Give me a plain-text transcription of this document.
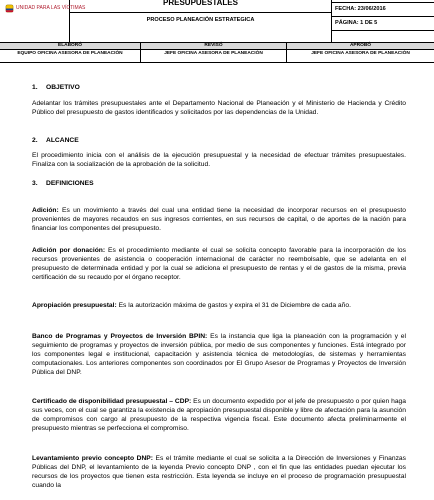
UNIDAD PARA LAS VÍCTIMAS
PRESUPUESTALES
PROCESO PLANEACIÓN ESTRATEGICA
FECHA: 23/06/2016
PÁGINA: 1 DE 5
ELABORÓ
EQUIPO OFICINA ASESORA DE PLANEACIÓN
REVISÓ
JEFE OFICINA ASESORA DE PLANEACIÓN
APROBÓ
JEFE OFICINA ASESORA DE PLANEACIÓN
1. OBJETIVO
Adelantar los trámites presupuestales ante el Departamento Nacional de Planeación y el Ministerio de Hacienda y Crédito Público del presupuesto de gastos identificados y solicitados por las dependencias de la Unidad.
2. ALCANCE
El procedimiento inicia con el análisis de la ejecución presupuestal y la necesidad de efectuar trámites presupuestales. Finaliza con la socialización de la aprobación de la solicitud.
3. DEFINICIONES
Adición: Es un movimiento a través del cual una entidad tiene la necesidad de incorporar recursos en el presupuesto provenientes de mayores recaudos en sus ingresos corrientes, en sus recursos de capital, o de aportes de la nación para financiar los componentes del presupuesto.
Adición por donación: Es el procedimiento mediante el cual se solicita concepto favorable para la incorporación de los recursos provenientes de asistencia o cooperación internacional de carácter no reembolsable, que se adelanta en el presupuesto de determinada entidad y por la cual se adiciona el presupuesto de rentas y el de gastos de la misma, previa certificación de su recaudo por el órgano receptor.
Apropiación presupuestal: Es la autorización máxima de gastos y expira el 31 de Diciembre de cada año.
Banco de Programas y Proyectos de Inversión BPIN: Es la instancia que liga la planeación con la programación y el seguimiento de programas y proyectos de inversión pública, por medio de sus componentes y funciones. Está integrado por los componentes legal e institucional, capacitación y asistencia técnica de metodologías, de sistemas y herramientas computacionales. Los anteriores componentes son coordinados por El Grupo Asesor de Programas y Proyectos de Inversión Pública del DNP.
Certificado de disponibilidad presupuestal – CDP: Es un documento expedido por el jefe de presupuesto o por quien haga sus veces, con el cual se garantiza la existencia de apropiación presupuestal disponible y libre de afectación para la asunción de compromisos con cargo al presupuesto de la respectiva vigencia fiscal. Este documento afecta preliminarmente el presupuesto mientras se perfecciona el compromiso.
Levantamiento previo concepto DNP: Es el trámite mediante el cual se solicita a la Dirección de Inversiones y Finanzas Públicas del DNP, el levantamiento de la leyenda Previo concepto DNP , con el fin que las entidades puedan ejecutar los recursos de los proyectos que tienen esta restricción. Esta leyenda se incluye en el proceso de programación presupuestal cuando la
